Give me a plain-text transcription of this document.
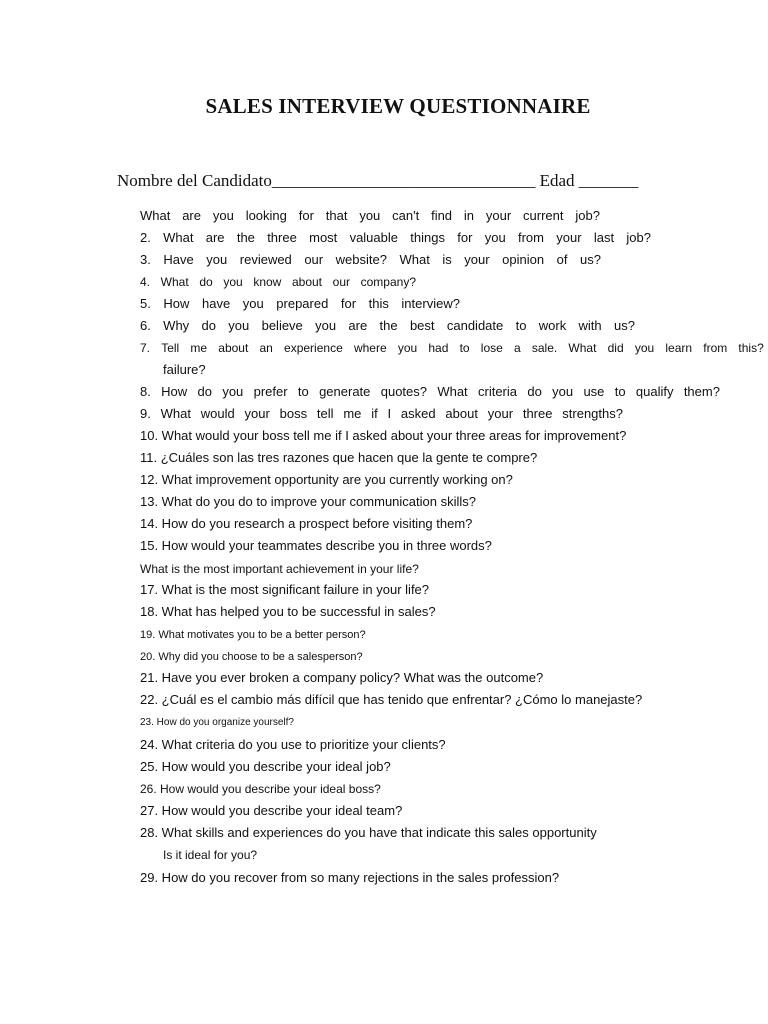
SALES INTERVIEW QUESTIONNAIRE
Nombre del Candidato_______________________________ Edad _______

What are you looking for that you can't find in your current job?

2. What are the three most valuable things for you from your last job?

3. Have you reviewed our website? What is your opinion of us?

4. What do you know about our company?

5. How have you prepared for this interview?

6. Why do you believe you are the best candidate to work with us?

7. Tell me about an experience where you had to lose a sale. What did you learn from this?

failure?

8. How do you prefer to generate quotes? What criteria do you use to qualify them?

9. What would your boss tell me if I asked about your three strengths?

10. What would your boss tell me if I asked about your three areas for improvement?

11. ¿Cuáles son las tres razones que hacen que la gente te compre?

12. What improvement opportunity are you currently working on?

13. What do you do to improve your communication skills?

14. How do you research a prospect before visiting them?

15. How would your teammates describe you in three words?

What is the most important achievement in your life?

17. What is the most significant failure in your life?

18. What has helped you to be successful in sales?

19. What motivates you to be a better person?

20. Why did you choose to be a salesperson?

21. Have you ever broken a company policy? What was the outcome?

22. ¿Cuál es el cambio más difícil que has tenido que enfrentar? ¿Cómo lo manejaste?

23. How do you organize yourself?

24. What criteria do you use to prioritize your clients?

25. How would you describe your ideal job?

26. How would you describe your ideal boss?

27. How would you describe your ideal team?

28. What skills and experiences do you have that indicate this sales opportunity

Is it ideal for you?

29. How do you recover from so many rejections in the sales profession?
